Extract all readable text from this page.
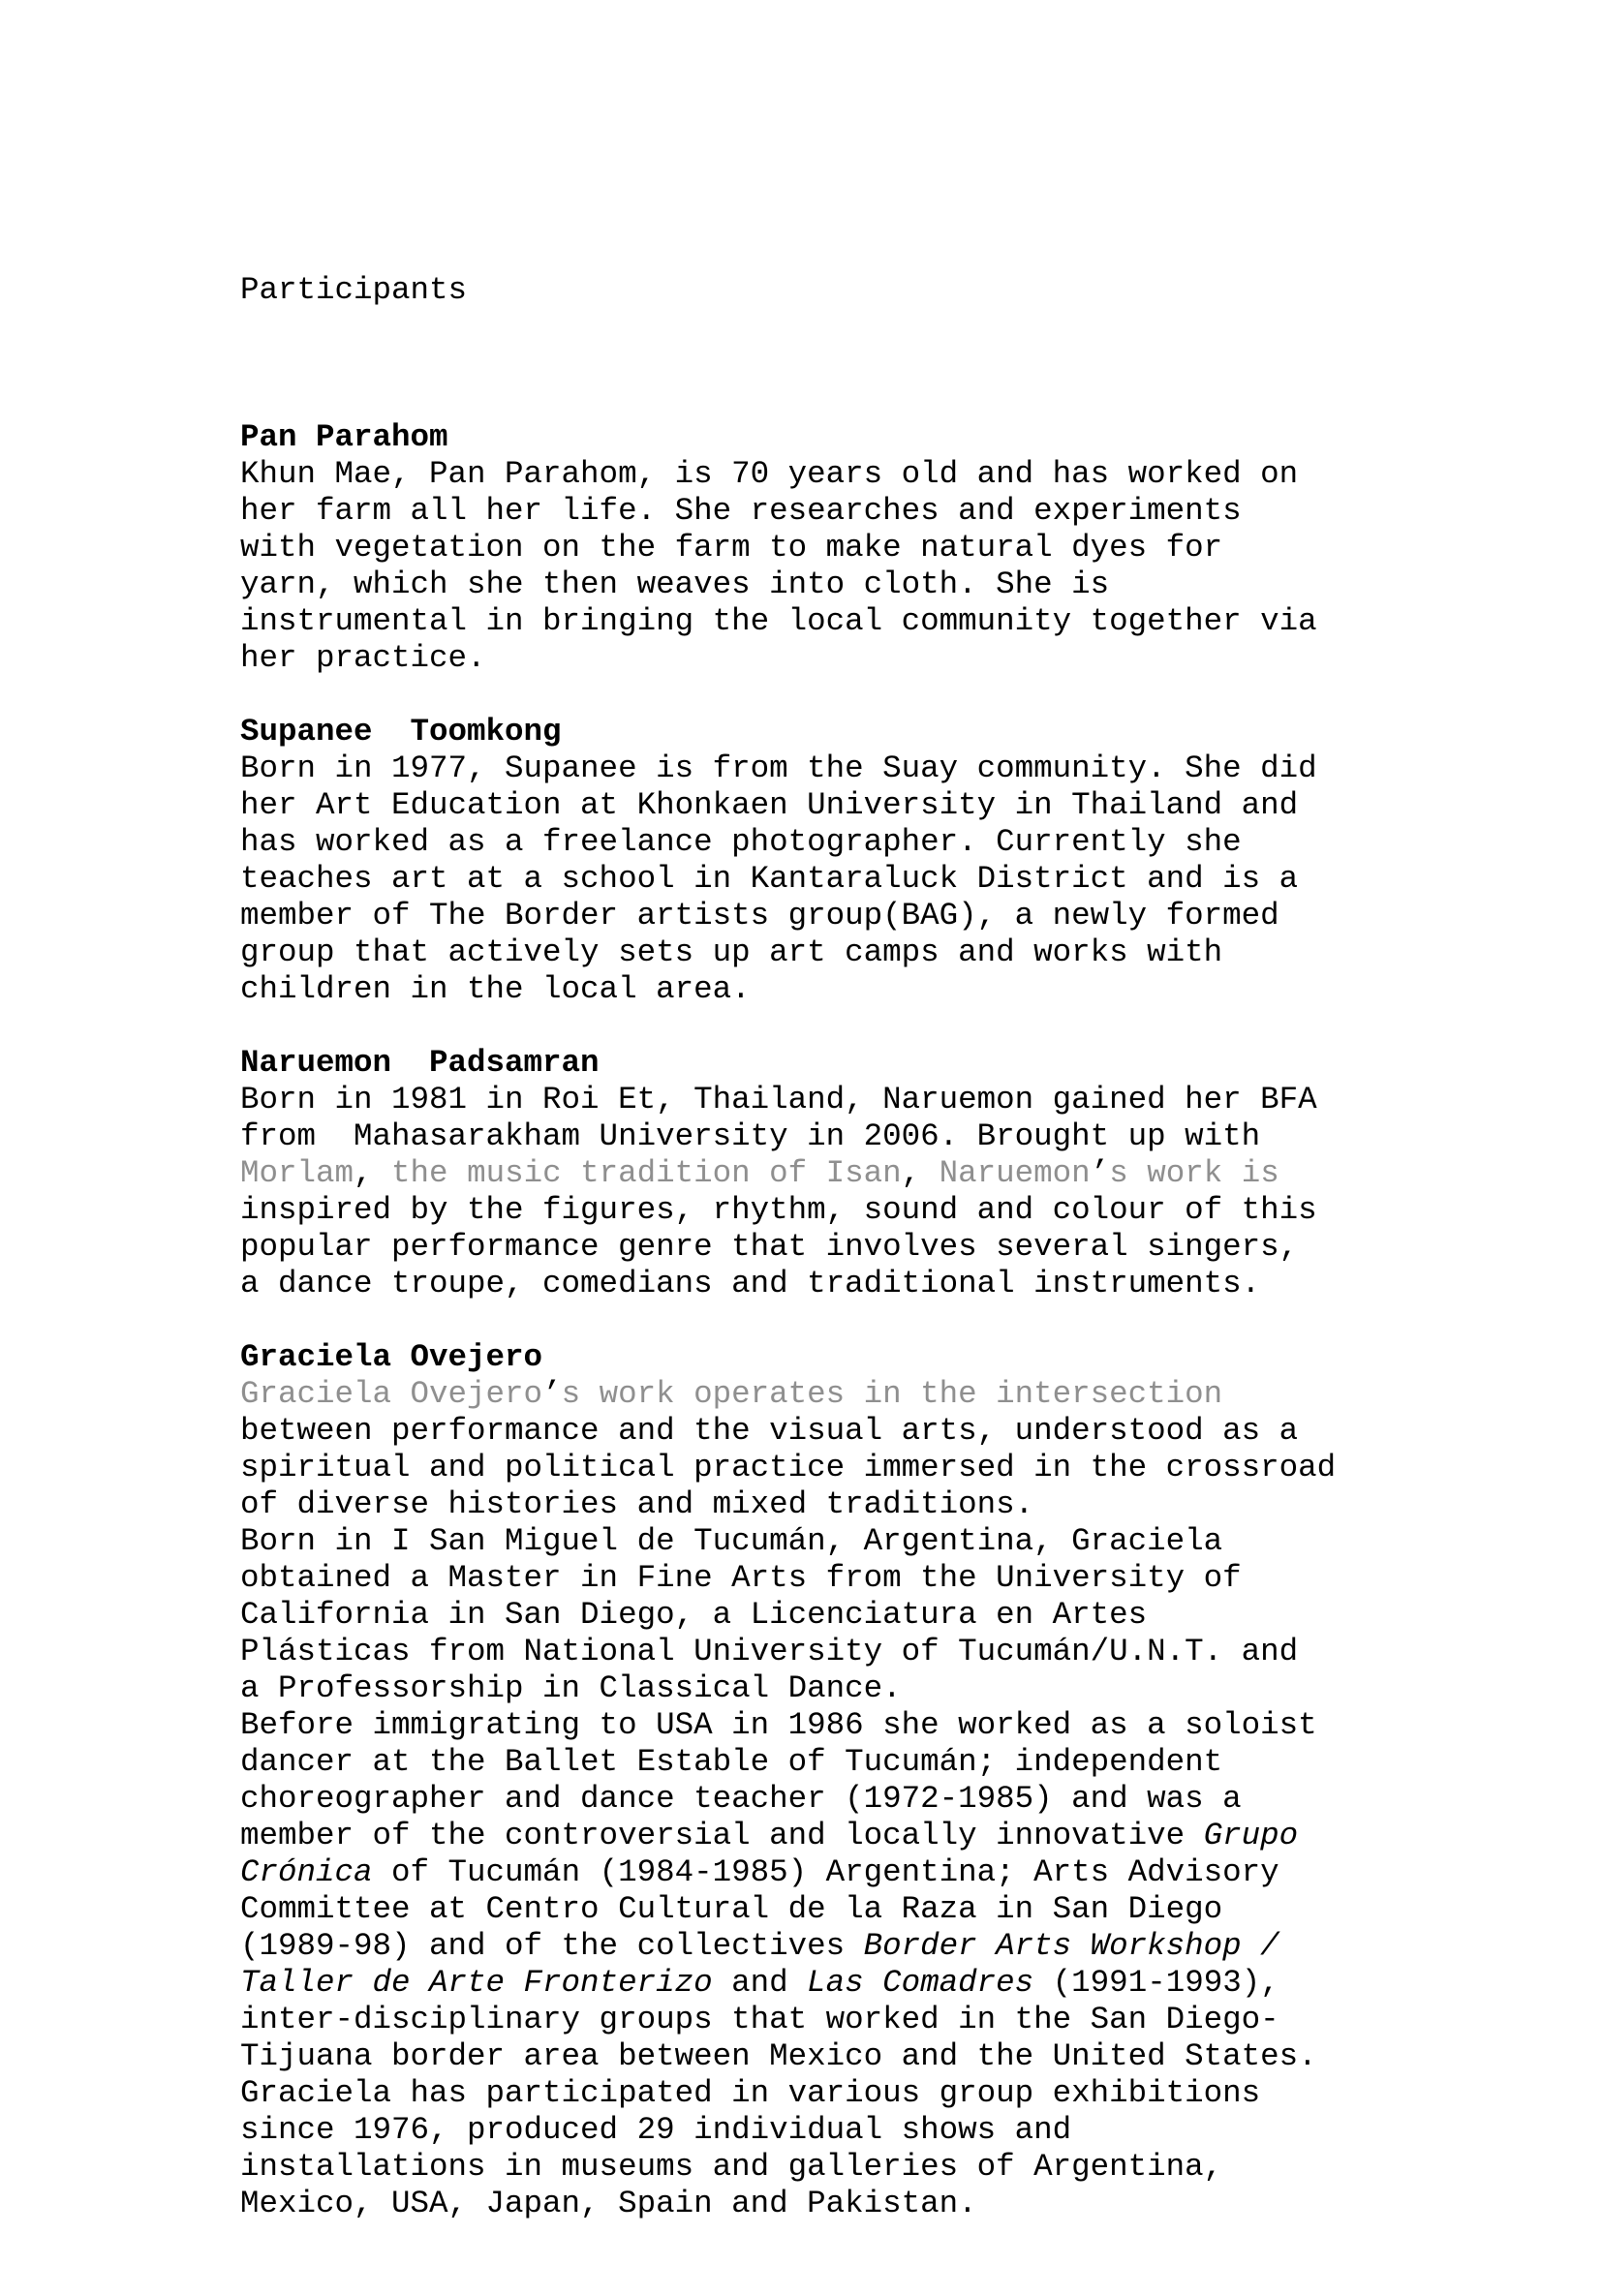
Participants

Pan Parahom
Khun Mae, Pan Parahom, is 70 years old and has worked on
her farm all her life. She researches and experiments
with vegetation on the farm to make natural dyes for
yarn, which she then weaves into cloth. She is
instrumental in bringing the local community together via
her practice.
Supanee  Toomkong
Born in 1977, Supanee is from the Suay community. She did
her Art Education at Khonkaen University in Thailand and
has worked as a freelance photographer. Currently she
teaches art at a school in Kantaraluck District and is a
member of The Border artists group(BAG), a newly formed
group that actively sets up art camps and works with
children in the local area.
Naruemon  Padsamran
Born in 1981 in Roi Et, Thailand, Naruemon gained her BFA
from  Mahasarakham University in 2006. Brought up with
Morlam, the music tradition of Isan, Naruemon’s work is
inspired by the figures, rhythm, sound and colour of this
popular performance genre that involves several singers,
a dance troupe, comedians and traditional instruments.
Graciela Ovejero
Graciela Ovejero’s work operates in the intersection
between performance and the visual arts, understood as a
spiritual and political practice immersed in the crossroad
of diverse histories and mixed traditions.
Born in I San Miguel de Tucumán, Argentina, Graciela
obtained a Master in Fine Arts from the University of
California in San Diego, a Licenciatura en Artes
Plásticas from National University of Tucumán/U.N.T. and
a Professorship in Classical Dance.
Before immigrating to USA in 1986 she worked as a soloist
dancer at the Ballet Estable of Tucumán; independent
choreographer and dance teacher (1972-1985) and was a
member of the controversial and locally innovative Grupo
Crónica of Tucumán (1984-1985) Argentina; Arts Advisory
Committee at Centro Cultural de la Raza in San Diego
(1989-98) and of the collectives Border Arts Workshop /
Taller de Arte Fronterizo and Las Comadres (1991-1993),
inter-disciplinary groups that worked in the San Diego-
Tijuana border area between Mexico and the United States.
Graciela has participated in various group exhibitions
since 1976, produced 29 individual shows and
installations in museums and galleries of Argentina,
Mexico, USA, Japan, Spain and Pakistan.
